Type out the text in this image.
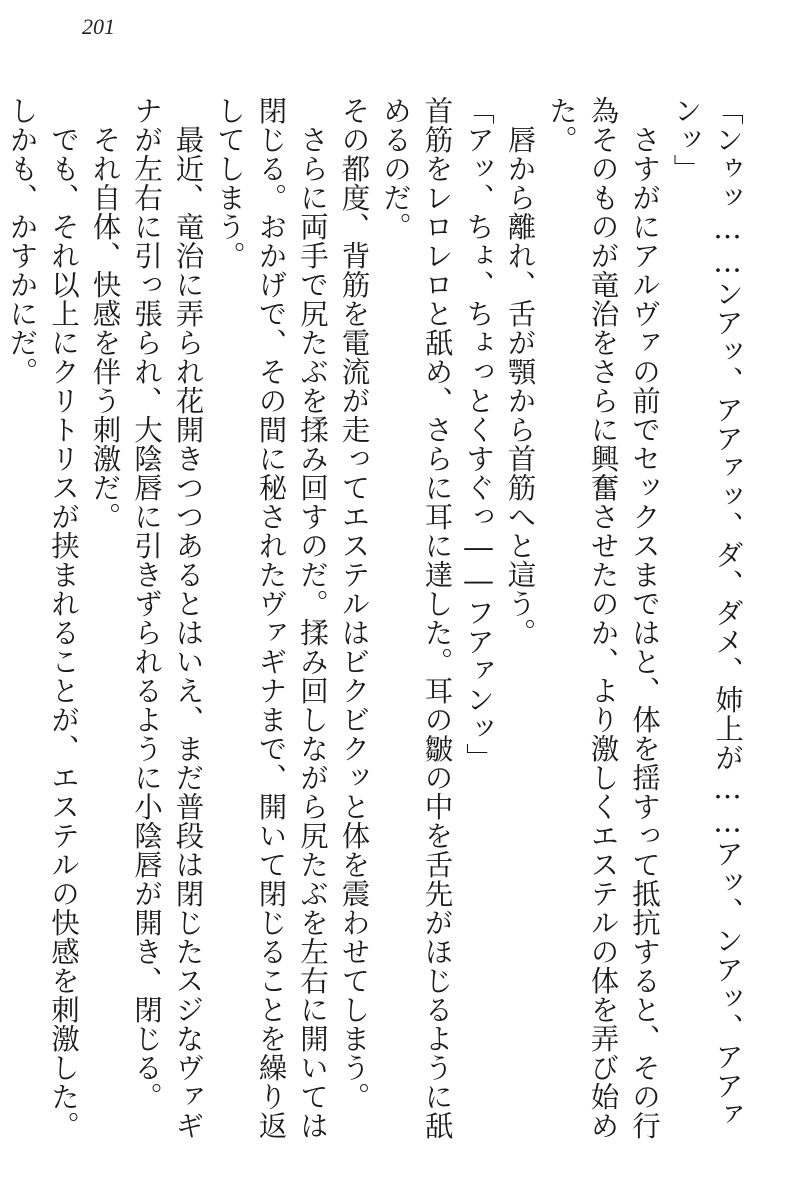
201

「ンゥッ……ンアッ、アアァッ、ダ、ダメ、姉上が……アッ、ンアッ、アアァンッ」

さすがにアルヴァの前でセックスまではと、体を揺すって抵抗すると、その行為そのものが竜治をさらに興奮させたのか、より激しくエステルの体を弄び始めた。

唇から離れ、舌が顎から首筋へと這う。

「アッ、ちょ、ちょっとくすぐっ――フアァンッ」

首筋をレロレロと舐め、さらに耳に達した。耳の皺の中を舌先がほじるように舐めるのだ。

その都度、背筋を電流が走ってエステルはビクビクッと体を震わせてしまう。

さらに両手で尻たぶを揉み回すのだ。揉み回しながら尻たぶを左右に開いては閉じる。おかげで、その間に秘されたヴァギナまで、開いて閉じることを繰り返してしまう。

最近、竜治に弄られ花開きつつあるとはいえ、まだ普段は閉じたスジなヴァギナが左右に引っ張られ、大陰唇に引きずられるように小陰唇が開き、閉じる。

それ自体、快感を伴う刺激だ。

でも、それ以上にクリトリスが挟まれることが、エステルの快感を刺激した。しかも、かすかにだ。
